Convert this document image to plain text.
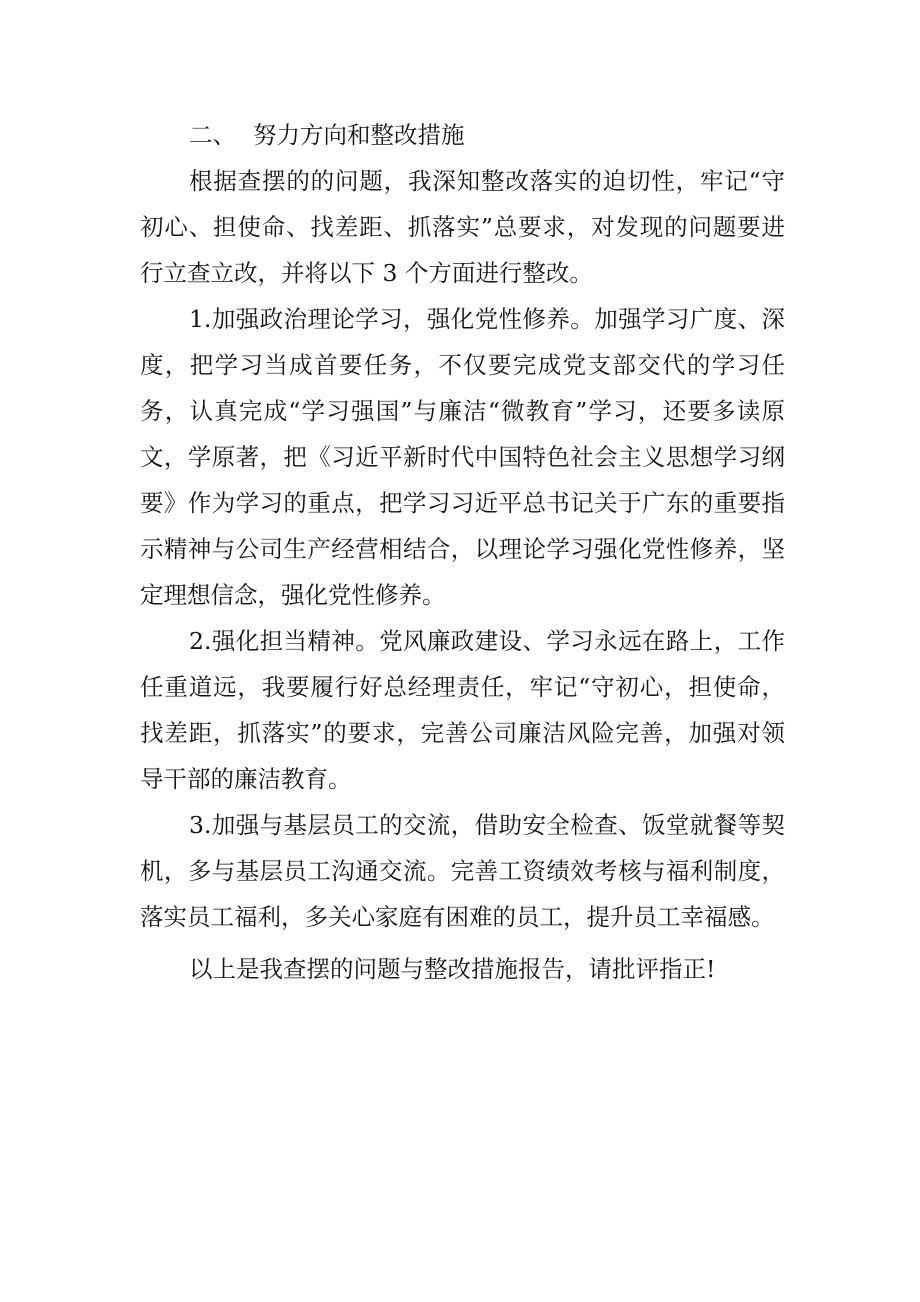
二、 努力方向和整改措施

根据查摆的的问题，我深知整改落实的迫切性，牢记“守初心、担使命、找差距、抓落实”总要求，对发现的问题要进行立查立改，并将以下 3 个方面进行整改。

1.加强政治理论学习，强化党性修养。加强学习广度、深度，把学习当成首要任务，不仅要完成党支部交代的学习任务，认真完成“学习强国”与廉洁“微教育”学习，还要多读原文，学原著，把《习近平新时代中国特色社会主义思想学习纲要》作为学习的重点，把学习习近平总书记关于广东的重要指示精神与公司生产经营相结合，以理论学习强化党性修养，坚定理想信念，强化党性修养。

2.强化担当精神。党风廉政建设、学习永远在路上，工作任重道远，我要履行好总经理责任，牢记“守初心，担使命，找差距，抓落实”的要求，完善公司廉洁风险完善，加强对领导干部的廉洁教育。

3.加强与基层员工的交流，借助安全检查、饭堂就餐等契机，多与基层员工沟通交流。完善工资绩效考核与福利制度，落实员工福利，多关心家庭有困难的员工，提升员工幸福感。

以上是我查摆的问题与整改措施报告，请批评指正!
